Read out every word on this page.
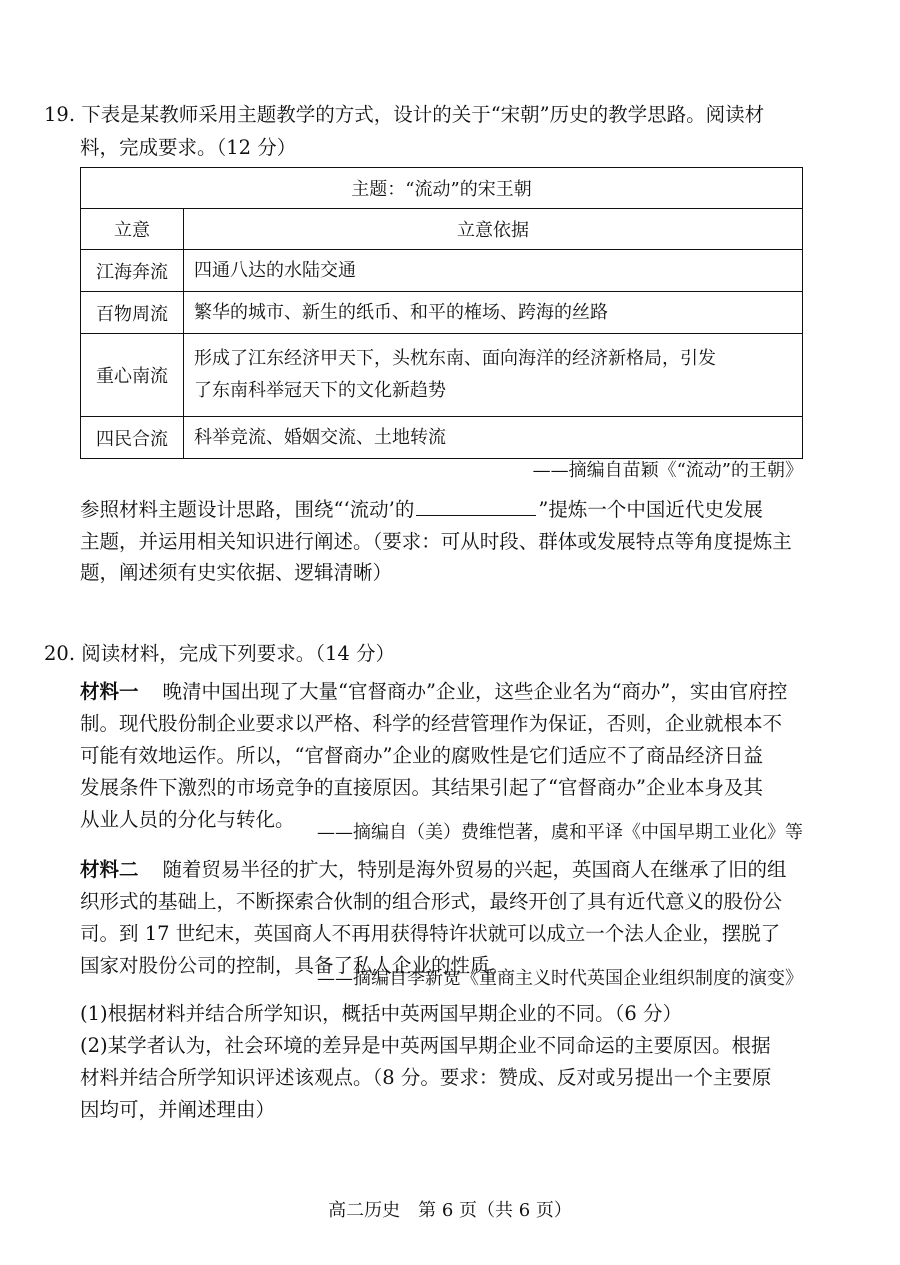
19. 下表是某教师采用主题教学的方式，设计的关于“宋朝”历史的教学思路。阅读材
料，完成要求。（12 分）
主题：“流动”的宋王朝	
立意	立意依据
江海奔流	四通八达的水陆交通
百物周流	繁华的城市、新生的纸币、和平的榷场、跨海的丝路
重心南流	形成了江东经济甲天下，头枕东南、面向海洋的经济新格局，引发
了东南科举冠天下的文化新趋势

四民合流	科举竞流、婚姻交流、土地转流
——摘编自苗颖《“流动”的王朝》
参照材料主题设计思路，围绕“‘流动’的	”提炼一个中国近代史发展
主题，并运用相关知识进行阐述。（要求：可从时段、群体或发展特点等角度提炼主
题，阐述须有史实依据、逻辑清晰）
20. 阅读材料，完成下列要求。（14 分）
材料一 晚清中国出现了大量“官督商办”企业，这些企业名为“商办”，实由官府控
制。现代股份制企业要求以严格、科学的经营管理作为保证，否则，企业就根本不
可能有效地运作。所以，“官督商办”企业的腐败性是它们适应不了商品经济日益
发展条件下激烈的市场竞争的直接原因。其结果引起了“官督商办”企业本身及其
从业人员的分化与转化。
——摘编自（美）费维恺著，虞和平译《中国早期工业化》等
材料二 随着贸易半径的扩大，特别是海外贸易的兴起，英国商人在继承了旧的组
织形式的基础上，不断探索合伙制的组合形式，最终开创了具有近代意义的股份公
司。到 17 世纪末，英国商人不再用获得特许状就可以成立一个法人企业，摆脱了
国家对股份公司的控制，具备了私人企业的性质。
——摘编自李新宽《重商主义时代英国企业组织制度的演变》
(1)根据材料并结合所学知识，概括中英两国早期企业的不同。（6 分）
(2)某学者认为，社会环境的差异是中英两国早期企业不同命运的主要原因。根据
材料并结合所学知识评述该观点。（8 分。要求：赞成、反对或另提出一个主要原
因均可，并阐述理由）
高二历史　第 6 页（共 6 页）
